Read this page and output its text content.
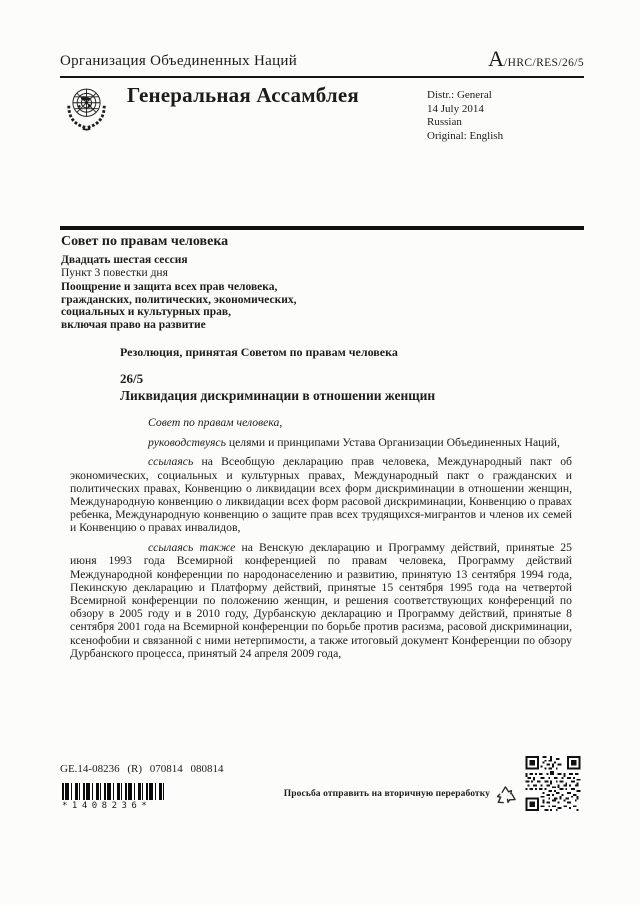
Организация Объединенных Наций	A/HRC/RES/26/5
Генеральная Ассамблея	Distr.: General
14 July 2014
Russian
Original: English
Совет по правам человека
Двадцать шестая сессия
Пункт 3 повестки дня
Поощрение и защита всех прав человека,
гражданских, политических, экономических,
социальных и культурных прав,
включая право на развитие
Резолюция, принятая Советом по правам человека
26/5
Ликвидация дискриминации в отношении женщин

Совет по правам человека,

руководствуясь целями и принципами Устава Организации Объединенных Наций,

ссылаясь на Всеобщую декларацию прав человека, Международный пакт об экономических, социальных и культурных правах, Международный пакт о гражданских и политических правах, Конвенцию о ликвидации всех форм дискриминации в отношении женщин, Международную конвенцию о ликвидации всех форм расовой дискриминации, Конвенцию о правах ребенка, Международную конвенцию о защите прав всех трудящихся-мигрантов и членов их семей и Конвенцию о правах инвалидов,

ссылаясь также на Венскую декларацию и Программу действий, принятые 25 июня 1993 года Всемирной конференцией по правам человека, Программу действий Международной конференции по народонаселению и развитию, принятую 13 сентября 1994 года, Пекинскую декларацию и Платформу действий, принятые 15 сентября 1995 года на четвертой Всемирной конференции по положению женщин, и решения соответствующих конференций по обзору в 2005 году и в 2010 году, Дурбанскую декларацию и Программу действий, принятые 8 сентября 2001 года на Всемирной конференции по борьбе против расизма, расовой дискриминации, ксенофобии и связанной с ними нетерпимости, а также итоговый документ Конференции по обзору Дурбанского процесса, принятый 24 апреля 2009 года,

GE.14-08236 (R) 070814 080814
*1408236*
Просьба отправить на вторичную переработку
